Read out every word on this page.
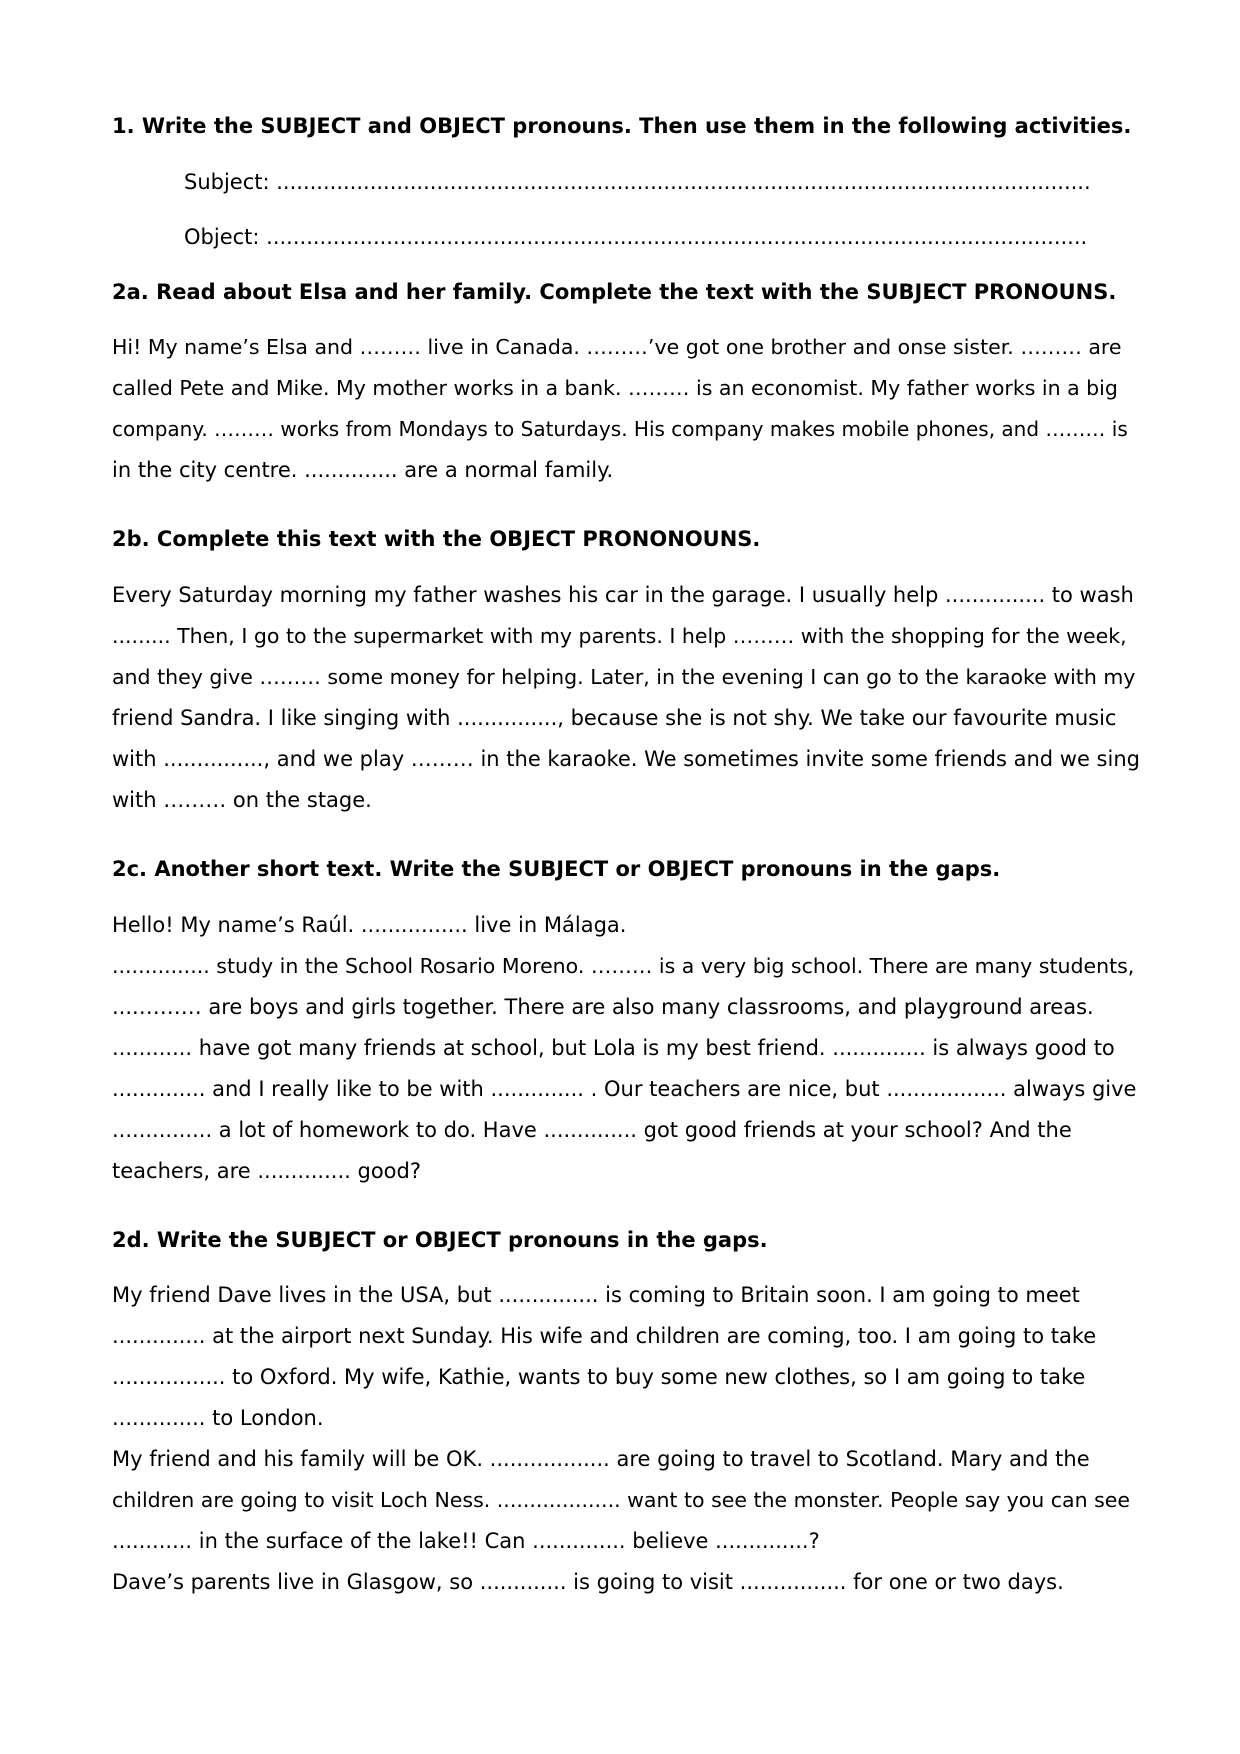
1. Write the SUBJECT and OBJECT pronouns. Then use them in the following activities.
Subject: ..........................................................................................................................
Object: ...........................................................................................................................
2a. Read about Elsa and her family. Complete the text with the SUBJECT PRONOUNS.
Hi! My name’s Elsa and ……… live in Canada. ………’ve got one brother and onse sister. ……… are
called Pete and Mike. My mother works in a bank. ……… is an economist. My father works in a big
company. ……… works from Mondays to Saturdays. His company makes mobile phones, and ……… is
in the city centre. .............. are a normal family.
2b. Complete this text with the OBJECT PRONONOUNS.
Every Saturday morning my father washes his car in the garage. I usually help ............... to wash
......... Then, I go to the supermarket with my parents. I help ……… with the shopping for the week,
and they give ……… some money for helping. Later, in the evening I can go to the karaoke with my
friend Sandra. I like singing with ..............., because she is not shy. We take our favourite music
with ..............., and we play ……… in the karaoke. We sometimes invite some friends and we sing
with ……… on the stage.
2c. Another short text. Write the SUBJECT or OBJECT pronouns in the gaps.
Hello! My name’s Raúl. ................ live in Málaga.
............... study in the School Rosario Moreno. ……… is a very big school. There are many students,
....……… are boys and girls together. There are also many classrooms, and playground areas.
............ have got many friends at school, but Lola is my best friend. .............. is always good to
.............. and I really like to be with .............. . Our teachers are nice, but .................. always give
............... a lot of homework to do. Have .............. got good friends at your school? And the
teachers, are .............. good?
2d. Write the SUBJECT or OBJECT pronouns in the gaps.
My friend Dave lives in the USA, but ............... is coming to Britain soon. I am going to meet
.............. at the airport next Sunday. His wife and children are coming, too. I am going to take
................. to Oxford. My wife, Kathie, wants to buy some new clothes, so I am going to take
.............. to London.
My friend and his family will be OK. .................. are going to travel to Scotland. Mary and the
children are going to visit Loch Ness. ................... want to see the monster. People say you can see
............ in the surface of the lake!! Can .............. believe ..............?
Dave’s parents live in Glasgow, so ............. is going to visit ................ for one or two days.
